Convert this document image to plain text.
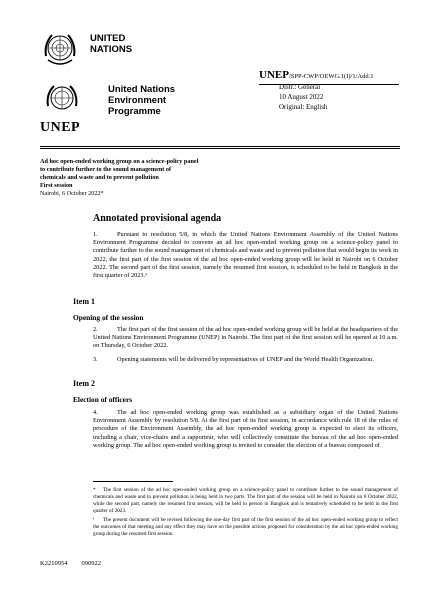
UNITED
NATIONS
UNEP/SPP-CWP/OEWG.1(I)/1/Add.1
UNEP
United Nations
Environment
Programme
Distr.: General
10 August 2022
Original: English
Ad hoc open-ended working group on a science-policy panel
to contribute further to the sound management of
chemicals and waste and to prevent pollution
First session
Nairobi, 6 October 2022*
Annotated provisional agenda
1.	Pursuant to resolution 5/8, in which the United Nations Environment Assembly of the United Nations Environment Programme decided to convene an ad hoc open-ended working group on a science-policy panel to contribute further to the sound management of chemicals and waste and to prevent pollution that would begin its work in 2022, the first part of the first session of the ad hoc open-ended working group will be held in Nairobi on 6 October 2022. The second part of the first session, namely the resumed first session, is scheduled to be held in Bangkok in the first quarter of 2023.¹
Item 1
Opening of the session
2.	The first part of the first session of the ad hoc open-ended working group will be held at the headquarters of the United Nations Environment Programme (UNEP) in Nairobi. The first part of the first session will be opened at 10 a.m. on Thursday, 6 October 2022.
3.	Opening statements will be delivered by representatives of UNEP and the World Health Organization.
Item 2
Election of officers
4.	The ad hoc open-ended working group was established as a subsidiary organ of the United Nations Environment Assembly by resolution 5/8. At the first part of its first session, in accordance with rule 18 of the rules of procedure of the Environment Assembly, the ad hoc open-ended working group is expected to elect its officers, including a chair, vice-chairs and a rapporteur, who will collectively constitute the bureau of the ad hoc open-ended working group. The ad hoc open-ended working group is invited to consider the election of a bureau composed of
* The first session of the ad hoc open-ended working group on a science-policy panel to contribute further to the sound management of chemicals and waste and to prevent pollution is being held in two parts. The first part of the session will be held in Nairobi on 6 October 2022, while the second part, namely the resumed first session, will be held in person in Bangkok and is tentatively scheduled to be held in the first quarter of 2023.
¹ The present document will be revised following the one-day first part of the first session of the ad hoc open-ended working group to reflect the outcomes of that meeting and any effect they may have on the possible actions proposed for consideration by the ad hoc open-ended working group during the resumed first session.
K2210954 090922
